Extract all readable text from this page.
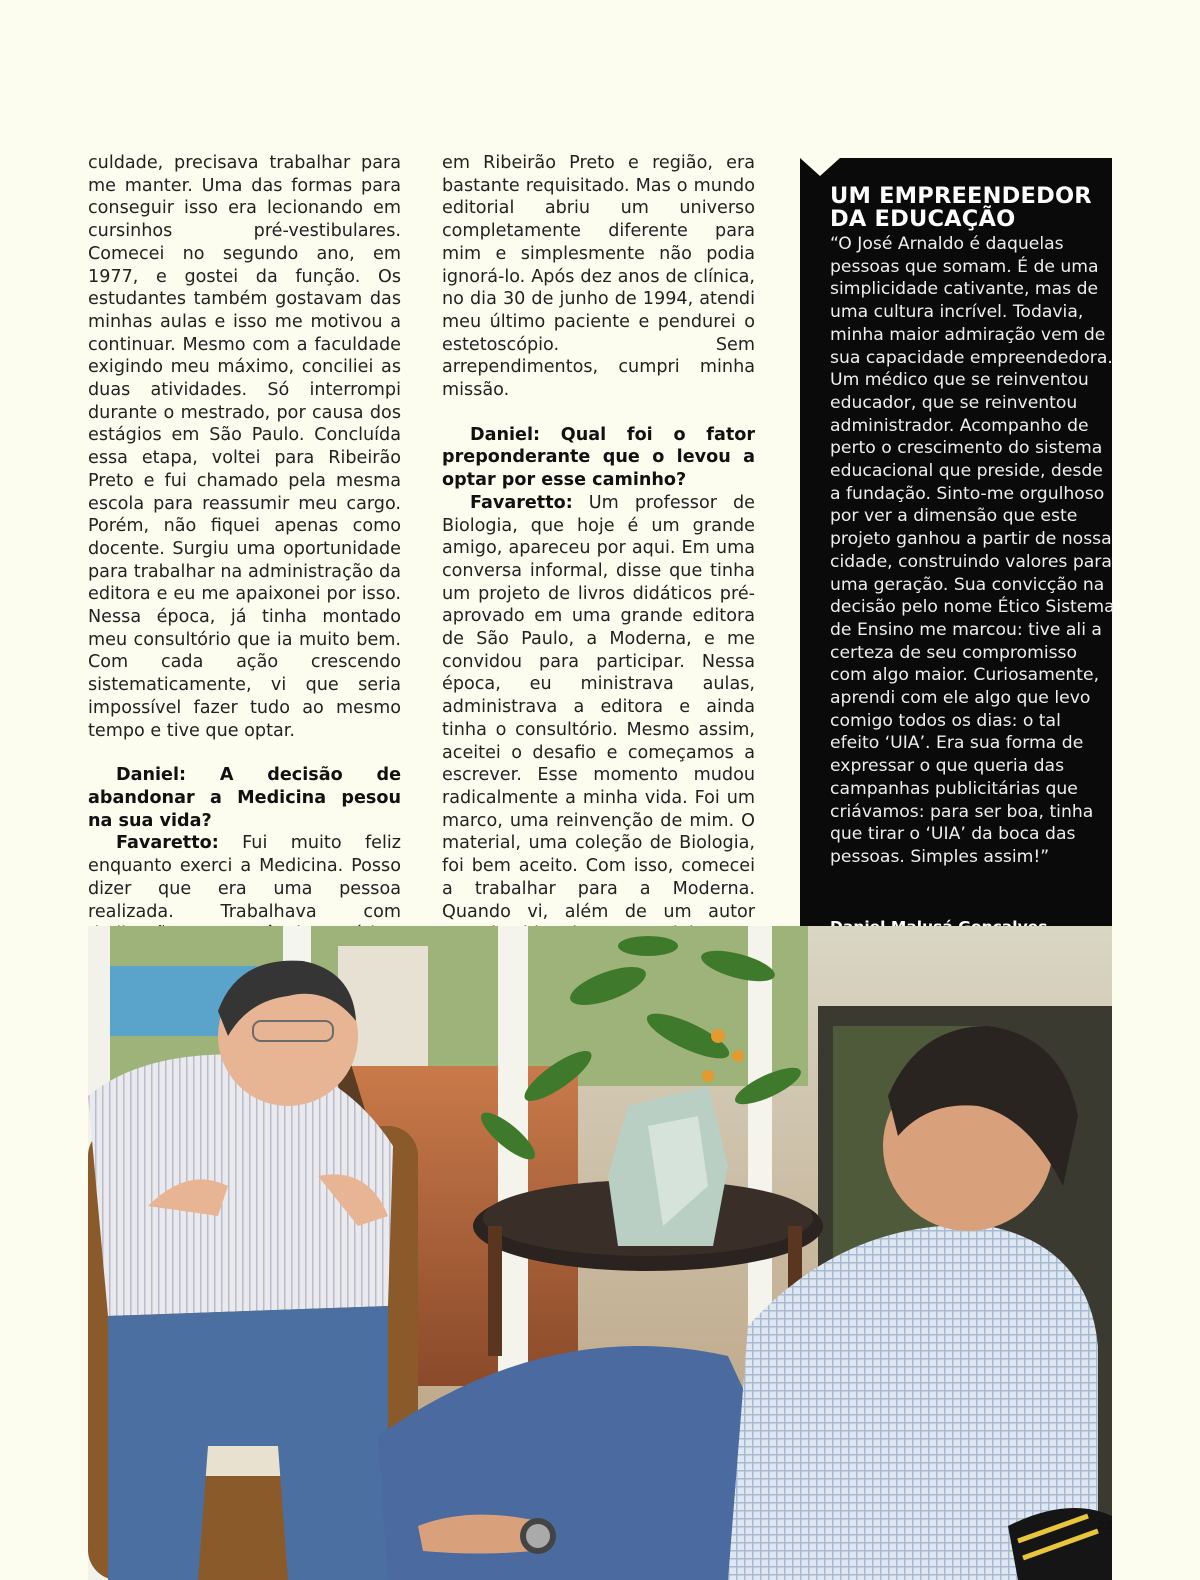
culdade, precisava trabalhar para me manter. Uma das formas para conseguir isso era lecionando em cursinhos pré-vestibulares. Comecei no segundo ano, em 1977, e gostei da função. Os estudantes também gostavam das minhas aulas e isso me motivou a continuar. Mesmo com a faculdade exigindo meu máximo, conciliei as duas atividades. Só interrompi durante o mestrado, por causa dos estágios em São Paulo. Concluída essa etapa, voltei para Ribeirão Preto e fui chamado pela mesma escola para reassumir meu cargo. Porém, não fiquei apenas como docente. Surgiu uma oportunidade para trabalhar na administração da editora e eu me apaixonei por isso. Nessa época, já tinha montado meu consultório que ia muito bem. Com cada ação crescendo sistematicamente, vi que seria impossível fazer tudo ao mesmo tempo e tive que optar.

Daniel: A decisão de abandonar a Medicina pesou na sua vida?

Favaretto: Fui muito feliz enquanto exerci a Medicina. Posso dizer que era uma pessoa realizada. Trabalhava com

em Ribeirão Preto e região, era bastante requisitado. Mas o mundo editorial abriu um universo completamente diferente para mim e simplesmente não podia ignorá-lo. Após dez anos de clínica, no dia 30 de junho de 1994, atendi meu último paciente e pendurei o estetoscópio. Sem arrependimentos, cumpri minha missão.

Daniel: Qual foi o fator preponderante que o levou a optar por esse caminho?

Favaretto: Um professor de Biologia, que hoje é um grande amigo, apareceu por aqui. Em uma conversa informal, disse que tinha um projeto de livros didáticos pré-aprovado em uma grande editora de São Paulo, a Moderna, e me convidou para participar. Nessa época, eu ministrava aulas, administrava a editora e ainda tinha o consultório. Mesmo assim, aceitei o desafio e começamos a escrever. Esse momento mudou radicalmente a minha vida. Foi um marco, uma reinvenção de mim. O material, uma coleção de Biologia, foi bem aceito. Com isso, comecei a trabalhar para a Moderna. Quando vi, além de um autor

UM EMPREENDEDOR DA EDUCAÇÃO
“O José Arnaldo é daquelas pessoas que somam. É de uma simplicidade cativante, mas de uma cultura incrível. Todavia, minha maior admiração vem de sua capacidade empreendedora. Um médico que se reinventou educador, que se reinventou administrador. Acompanho de perto o crescimento do sistema educacional que preside, desde a fundação. Sinto-me orgulhoso por ver a dimensão que este projeto ganhou a partir de nossa cidade, construindo valores para uma geração. Sua convicção na decisão pelo nome Ético Sistema de Ensino me marcou: tive ali a certeza de seu compromisso com algo maior. Curiosamente, aprendi com ele algo que levo comigo todos os dias: o tal efeito ‘UIA’. Era sua forma de expressar o que queria das campanhas publicitárias que criávamos: para ser boa, tinha que tirar o ‘UIA’ da boca das pessoas. Simples assim!”
23
